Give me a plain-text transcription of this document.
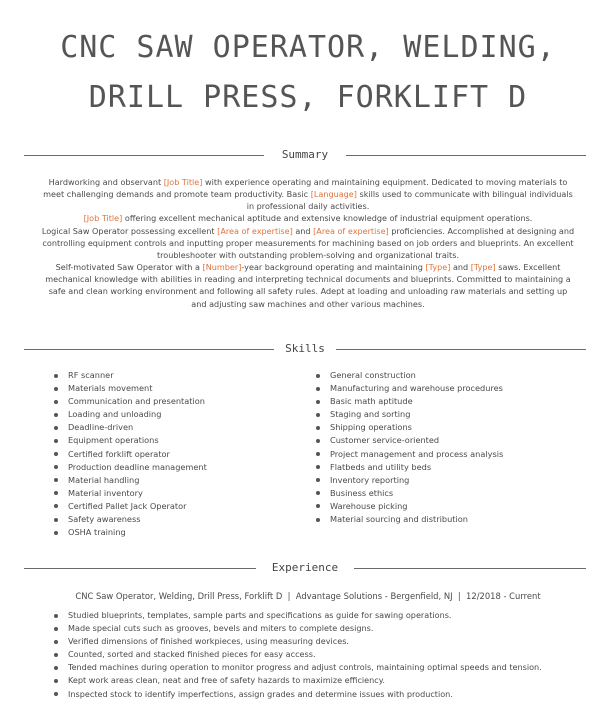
CNC SAW OPERATOR, WELDING,
DRILL PRESS, FORKLIFT D
Summary

Hardworking and observant [Job Title] with experience operating and maintaining equipment. Dedicated to moving materials to meet challenging demands and promote team productivity. Basic [Language] skills used to communicate with bilingual individuals in professional daily activities.

[Job Title] offering excellent mechanical aptitude and extensive knowledge of industrial equipment operations.

Logical Saw Operator possessing excellent [Area of expertise] and [Area of expertise] proficiencies. Accomplished at designing and controlling equipment controls and inputting proper measurements for machining based on job orders and blueprints. An excellent troubleshooter with outstanding problem-solving and organizational traits.

Self-motivated Saw Operator with a [Number]-year background operating and maintaining [Type] and [Type] saws. Excellent mechanical knowledge with abilities in reading and interpreting technical documents and blueprints. Committed to maintaining a safe and clean working environment and following all safety rules. Adept at loading and unloading raw materials and setting up and adjusting saw machines and other various machines.

Skills
RF scanner
Materials movement
Communication and presentation
Loading and unloading
Deadline-driven
Equipment operations
Certified forklift operator
Production deadline management
Material handling
Material inventory
Certified Pallet Jack Operator
Safety awareness
OSHA training
General construction
Manufacturing and warehouse procedures
Basic math aptitude
Staging and sorting
Shipping operations
Customer service-oriented
Project management and process analysis
Flatbeds and utility beds
Inventory reporting
Business ethics
Warehouse picking
Material sourcing and distribution
Experience
CNC Saw Operator, Welding, Drill Press, Forklift D | Advantage Solutions - Bergenfield, NJ | 12/2018 - Current
Studied blueprints, templates, sample parts and specifications as guide for sawing operations.
Made special cuts such as grooves, bevels and miters to complete designs.
Verified dimensions of finished workpieces, using measuring devices.
Counted, sorted and stacked finished pieces for easy access.
Tended machines during operation to monitor progress and adjust controls, maintaining optimal speeds and tension.
Kept work areas clean, neat and free of safety hazards to maximize efficiency.
Inspected stock to identify imperfections, assign grades and determine issues with production.
